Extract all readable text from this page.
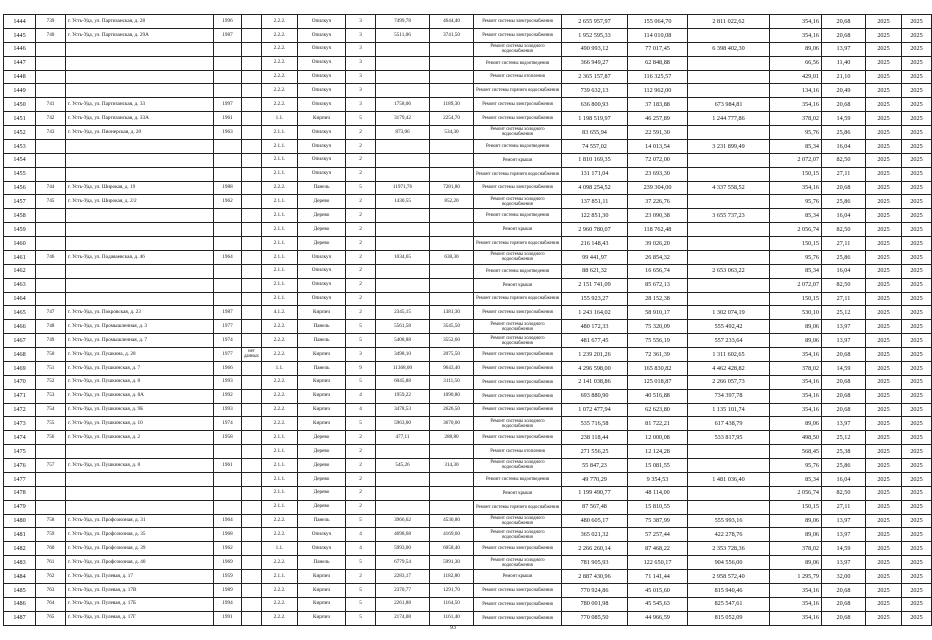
1444	739	г. Усть-Уда, ул. Партизанская, д. 28	1996		2.2.2.	Опилкуч	3	7499,78	4644,40	Ремонт системы электроснабжения	2 655 957,97	155 064,70	2 811 022,62	354,16	20,68	2025	2025
1445	740	г. Усть-Уда, ул. Партизанская, д. 29А	1987		2.2.2.	Опилкуч	3	5511,06	3741,50	Ремонт системы электроснабжения	1 952 595,33	114 010,08		354,16	20,68	2025	2025
1446					2.2.2.	Опилкуч	3			Ремонт системы холодного водоснабжения	490 993,12	77 017,45	6 398 402,30	89,06	13,97	2025	2025
1447					2.2.2.	Опилкуч	3			Ремонт системы водоотведения	366 949,27	62 848,88		66,56	11,40	2025	2025
1448					2.2.2.	Опилкуч	3			Ремонт системы отопления	2 365 157,87	116 325,57		429,01	21,10	2025	2025
1449					2.2.2.	Опилкуч	3			Ремонт системы горячего водоснабжения	739 632,13	112 962,00		134,16	20,49	2025	2025
1450	741	г. Усть-Уда, ул. Партизанская, д. 33	1997		2.2.2.	Опилкуч	3	1758,06	1189,30	Ремонт системы электроснабжения	636 800,93	37 183,88	673 984,81	354,16	20,68	2025	2025
1451	742	г. Усть-Уда, ул. Партизанская, д. 33А	1961		1.1.	Кирпич	5	3179,42	2254,70	Ремонт системы электроснабжения	1 198 519,97	46 257,89	1 244 777,86	378,02	14,59	2025	2025
1452	743	г. Усть-Уда, ул. Пионерская, д. 20	1963		2.1.1.	Опилкуч	2	873,06	534,30	Ремонт системы холодного водоснабжения	83 655,94	22 591,30		95,76	25,86	2025	2025
1453					2.1.1.	Опилкуч	2			Ремонт системы водоотведения	74 557,02	14 013,54	3 231 899,49	85,34	16,04	2025	2025
1454					2.1.1.	Опилкуч	2			Ремонт крыши	1 810 169,35	72 072,00		2 072,07	82,50	2025	2025
1455					2.1.1.	Опилкуч	2			Ремонт системы горячего водоснабжения	131 171,04	23 693,30		150,15	27,11	2025	2025
1456	744	г. Усть-Уда, ул. Широкая, д. 19	1988		2.2.2.	Панель	5	11971,76	7281,80	Ремонт системы электроснабжения	4 098 254,52	239 304,00	4 337 558,52	354,16	20,68	2025	2025
1457	745	г. Усть-Уда, ул. Широкая, д. 2/2	1962		2.1.1.	Дерево	2	1430,55	852,20	Ремонт системы холодного водоснабжения	137 851,11	37 226,76		95,76	25,86	2025	2025
1458					2.1.1.	Дерево	2			Ремонт системы водоотведения	122 851,30	23 090,38	3 655 737,23	85,34	16,04	2025	2025
1459					2.1.1.	Дерево	2			Ремонт крыши	2 960 780,07	118 762,48		2 056,74	82,50	2025	2025
1460					2.1.1.	Дерево	2			Ремонт системы горячего водоснабжения	216 148,43	39 026,20		150,15	27,11	2025	2025
1461	746	г. Усть-Уда, ул. Подаваевская, д. 46	1964		2.1.1.	Опилкуч	2	1034,65	638,30	Ремонт системы холодного водоснабжения	99 441,97	26 854,32		95,76	25,86	2025	2025
1462					2.1.1.	Опилкуч	2			Ремонт системы водоотведения	88 621,32	16 656,74	2 653 063,22	85,34	16,04	2025	2025
1463					2.1.1.	Опилкуч	2			Ремонт крыши	2 151 741,09	85 672,13		2 072,07	82,50	2025	2025
1464					2.1.1.	Опилкуч	2			Ремонт системы горячего водоснабжения	155 923,27	28 152,38		150,15	27,11	2025	2025
1465	747	г. Усть-Уда, ул. Покровская, д. 23	1987		4.1.2.	Кирпич	2	2345,15	1381,30	Ремонт системы электроснабжения	1 243 164,02	58 910,17	1 302 074,19	530,10	25,12	2025	2025
1466	748	г. Усть-Уда, ул. Промышленная, д. 3	1977		2.2.2.	Панель	5	5561,58	3545,50	Ремонт системы холодного водоснабжения	480 172,33	75 320,09	555 492,42	89,06	13,97	2025	2025
1467	749	г. Усть-Уда, ул. Промышленная, д. 7	1974		2.2.2.	Панель	5	5408,88	3552,60	Ремонт системы холодного водоснабжения	481 677,45	75 556,19	557 233,64	89,06	13,97	2025	2025
1468	750	г. Усть-Уда, ул. Пушкина, д. 28	1977	нет данных	2.2.2.	Кирпич	3	3498,10	2075,50	Ремонт системы электроснабжения	1 239 201,26	72 361,39	1 311 602,65	354,16	20,68	2025	2025
1469	751	г. Усть-Уда, ул. Пушкинская, д. 7	1966		1.1.	Панель	9	11368,00	9643,40	Ремонт системы электроснабжения	4 296 598,00	165 830,82	4 462 428,82	378,02	14,59	2025	2025
1470	752	г. Усть-Уда, ул. Пушкинская, д. 8	1993		2.2.2.	Кирпич	5	6045,88	3111,50	Ремонт системы электроснабжения	2 141 038,86	125 018,87	2 266 057,73	354,16	20,68	2025	2025
1471	753	г. Усть-Уда, ул. Пушкинская, д. 8А	1992		2.2.2.	Кирпич	4	1959,22	1090,80	Ремонт системы электроснабжения	693 880,90	40 516,88	734 397,78	354,16	20,68	2025	2025
1472	754	г. Усть-Уда, ул. Пушкинская, д. 9Б	1993		2.2.2.	Кирпич	4	3478,53	2626,50	Ремонт системы электроснабжения	1 072 477,94	62 623,80	1 135 101,74	354,16	20,68	2025	2025
1473	755	г. Усть-Уда, ул. Пушкинская, д. 10	1974		2.2.2.	Кирпич	5	5963,00	3670,00	Ремонт системы холодного водоснабжения	535 716,58	81 722,21	617 438,79	89,06	13,97	2025	2025
1474	756	г. Усть-Уда, ул. Пушкинская, д. 2	1958		2.1.1.	Дерево	2	477,11	288,80	Ремонт системы электроснабжения	238 118,44	12 000,08	533 817,95	498,50	25,12	2025	2025
1475					2.1.1.	Дерево	2			Ремонт системы отопления	271 556,25	12 124,28		568,45	25,38	2025	2025
1476	757	г. Усть-Уда, ул. Пушкинская, д. 8	1961		2.1.1.	Дерево	2	545,26	314,30	Ремонт системы холодного водоснабжения	55 847,23	15 081,55		95,76	25,86	2025	2025
1477					2.1.1.	Дерево	2			Ремонт системы водоотведения	49 770,29	9 354,53	1 481 036,40	85,34	16,04	2025	2025
1478					2.1.1.	Дерево	2			Ремонт крыши	1 199 490,77	48 114,00		2 056,74	82,50	2025	2025
1479					2.1.1.	Дерево	2			Ремонт системы горячего водоснабжения	87 567,48	15 810,55		150,15	27,11	2025	2025
1480	758	г. Усть-Уда, ул. Профсоюзная, д. 31	1964		2.2.2.	Панель	5	3966,62	4530,80	Ремонт системы холодного водоснабжения	480 605,17	75 387,99	555 993,16	89,06	13,97	2025	2025
1481	759	г. Усть-Уда, ул. Профсоюзная, д. 35	1968		2.2.2.	Опилкуч	4	4698,68	4169,60	Ремонт системы холодного водоснабжения	365 021,32	57 257,44	422 278,76	89,06	13,97	2025	2025
1482	760	г. Усть-Уда, ул. Профсоюзная, д. 39	1962		1.1.	Опилкуч	4	5993,00	6058,40	Ремонт системы электроснабжения	2 266 260,14	87 468,22	2 353 728,36	378,02	14,59	2025	2025
1483	761	г. Усть-Уда, ул. Профсоюзная, д. 40	1969		2.2.2.	Панель	5	6779,54	5991,30	Ремонт системы холодного водоснабжения	781 905,93	122 650,17	904 556,00	89,06	13,97	2025	2025
1484	762	г. Усть-Уда, ул. Пулевая, д. 17	1959		2.1.1.	Кирпич	2	2283,17	1182,80	Ремонт крыши	2 887 430,96	71 141,44	2 958 572,40	1 295,79	32,00	2025	2025
1485	763	г. Усть-Уда, ул. Пулевая, д. 17В	1989		2.2.2.	Кирпич	5	2370,77	1291,70	Ремонт системы электроснабжения	770 924,86	45 015,60	815 940,46	354,16	20,68	2025	2025
1486	764	г. Усть-Уда, ул. Пулевая, д. 17Б	1994		2.2.2.	Кирпич	5	2261,88	1164,50	Ремонт системы электроснабжения	780 001,98	45 545,63	825 547,61	354,16	20,68	2025	2025
1487	765	г. Усть-Уда, ул. Пулевая, д. 17Г	1991		2.2.2.	Кирпич	5	2174,08	1161,40	Ремонт системы электроснабжения	770 085,50	44 966,59	815 052,09	354,16	20,68	2025	2025
93
